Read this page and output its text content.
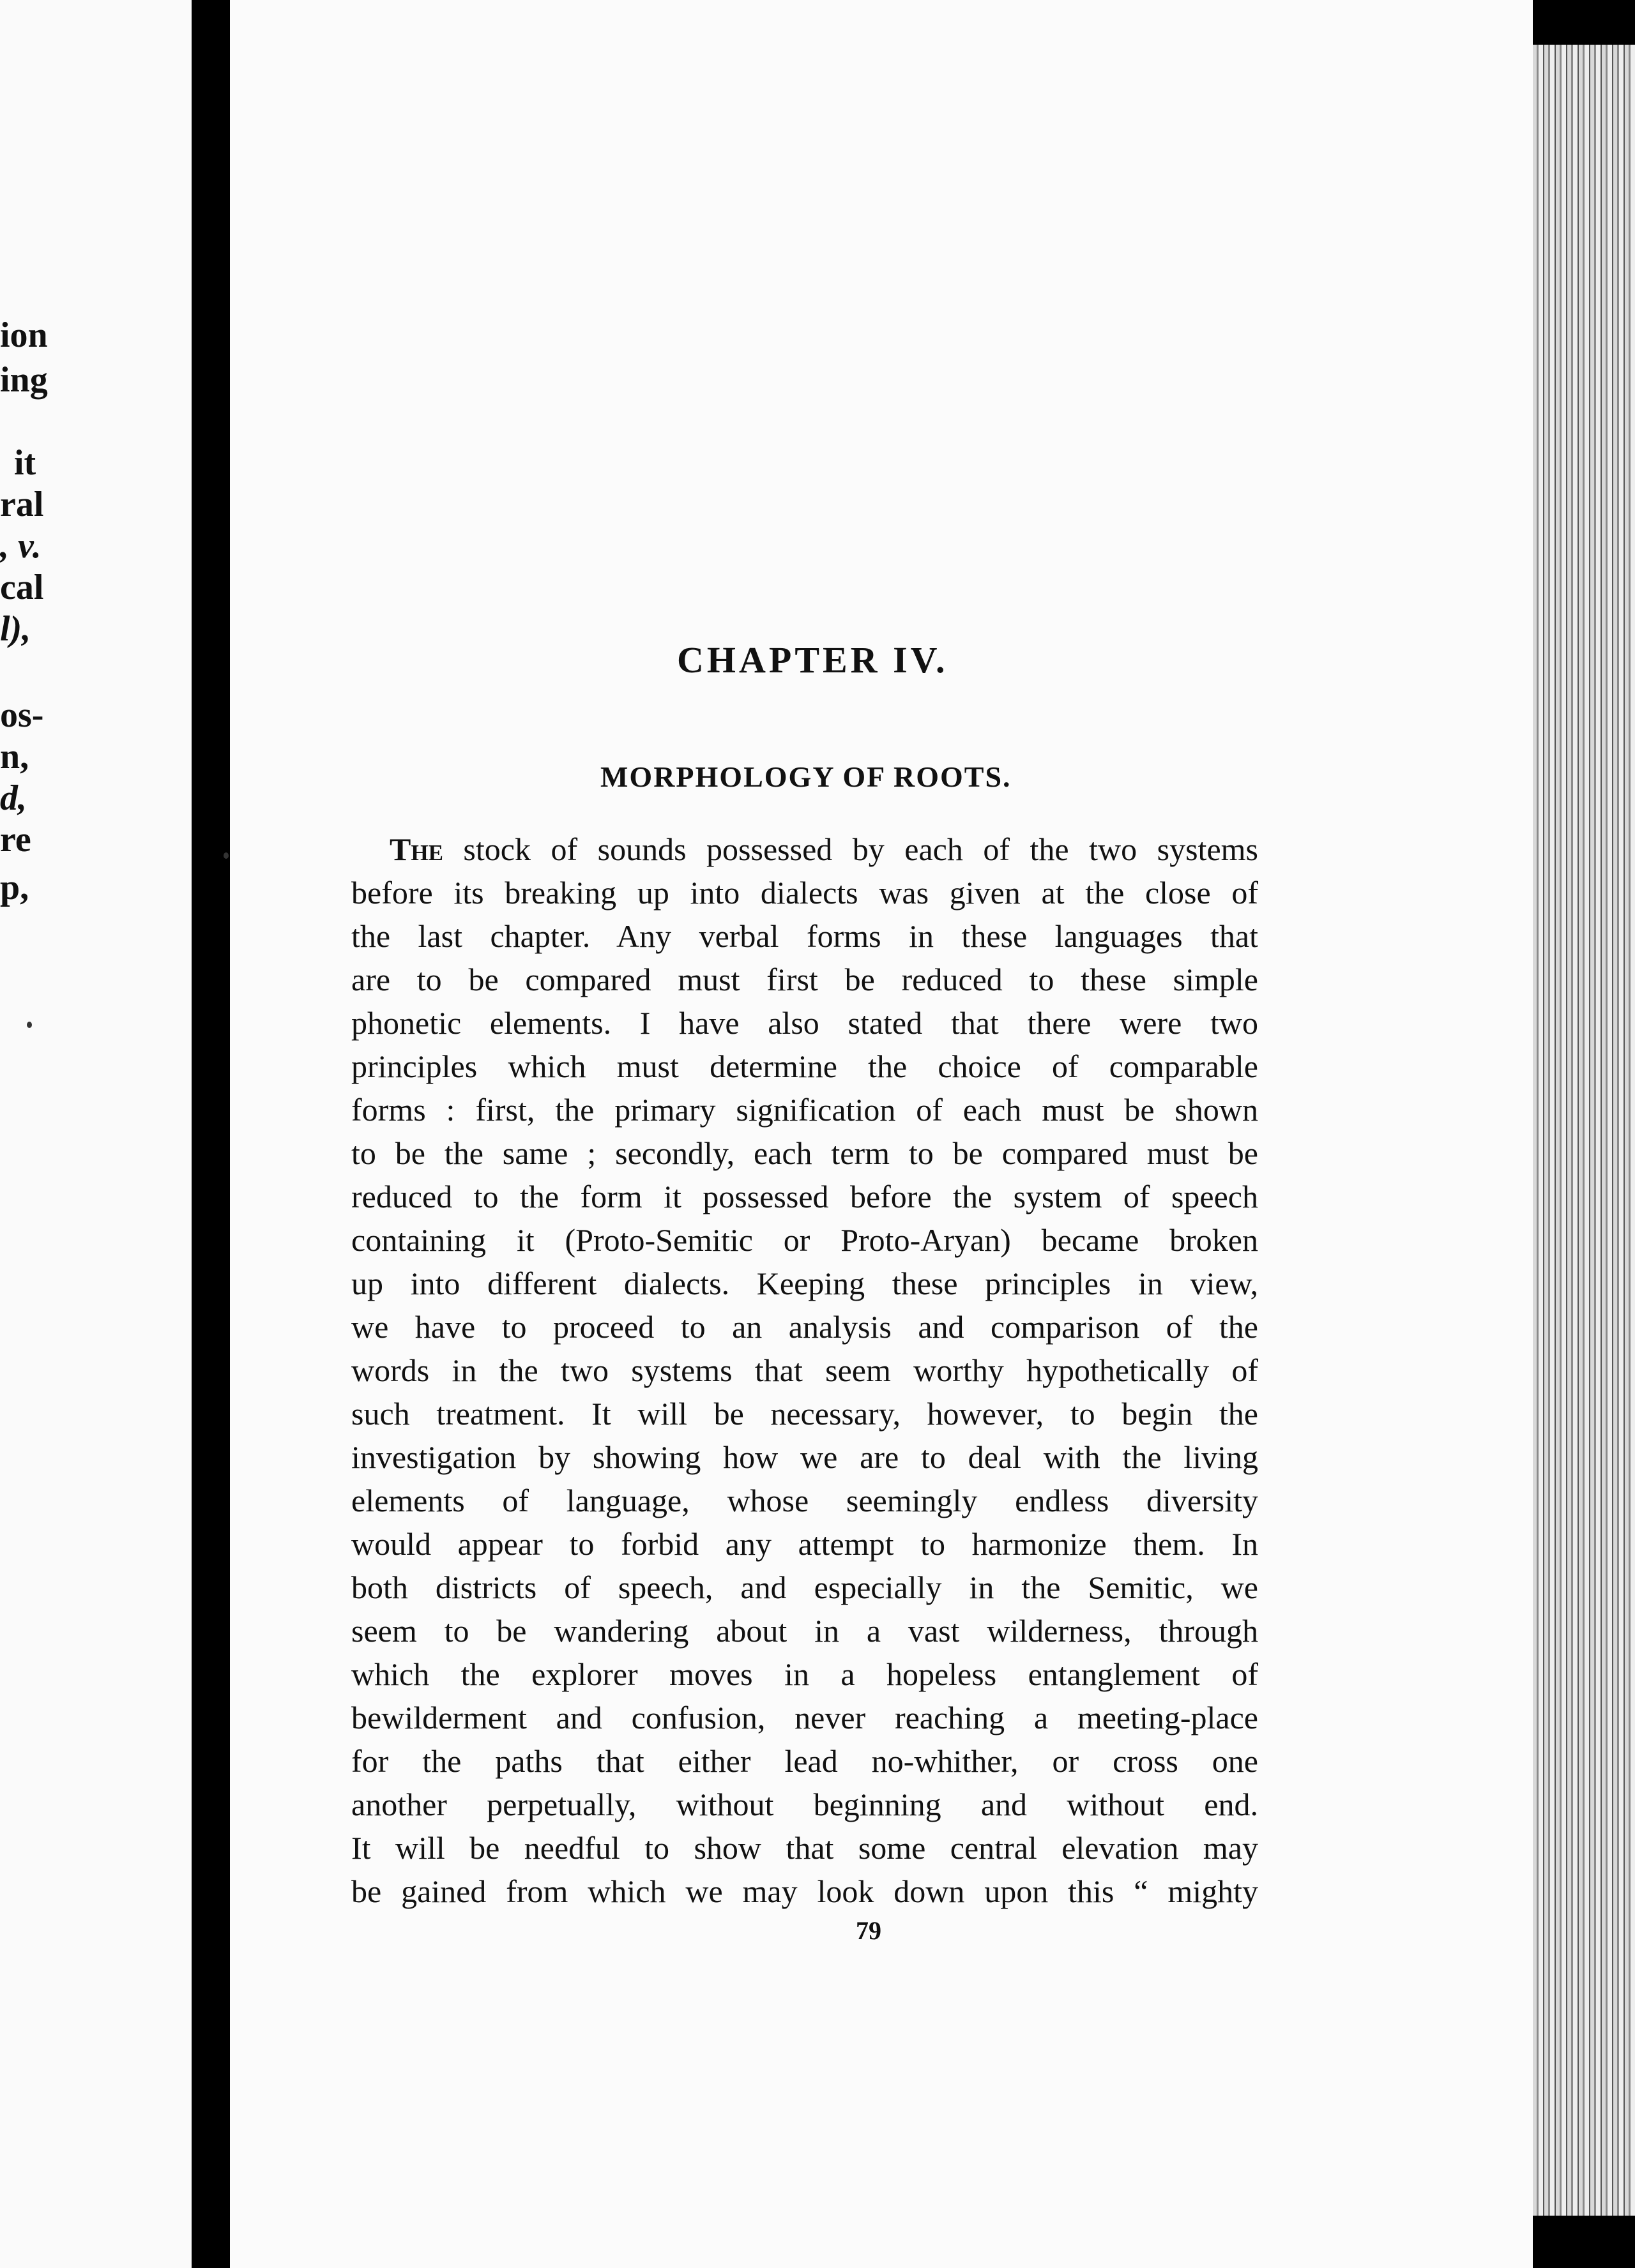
ion
ing
it
ral
, v.
cal
l),
os-
n,
d,
re
p,
CHAPTER IV.
MORPHOLOGY OF ROOTS.
The stock of sounds possessed by each of the two systems
before its breaking up into dialects was given at the close of
the last chapter. Any verbal forms in these languages that
are to be compared must first be reduced to these simple
phonetic elements. I have also stated that there were two
principles which must determine the choice of comparable
forms : first, the primary signification of each must be shown
to be the same ; secondly, each term to be compared must be
reduced to the form it possessed before the system of speech
containing it (Proto-Semitic or Proto-Aryan) became broken
up into different dialects. Keeping these principles in view,
we have to proceed to an analysis and comparison of the
words in the two systems that seem worthy hypothetically of
such treatment. It will be necessary, however, to begin the
investigation by showing how we are to deal with the living
elements of language, whose seemingly endless diversity
would appear to forbid any attempt to harmonize them. In
both districts of speech, and especially in the Semitic, we
seem to be wandering about in a vast wilderness, through
which the explorer moves in a hopeless entanglement of
bewilderment and confusion, never reaching a meeting-place
for the paths that either lead no-whither, or cross one
another perpetually, without beginning and without end.
It will be needful to show that some central elevation may
be gained from which we may look down upon this “ mighty
79
